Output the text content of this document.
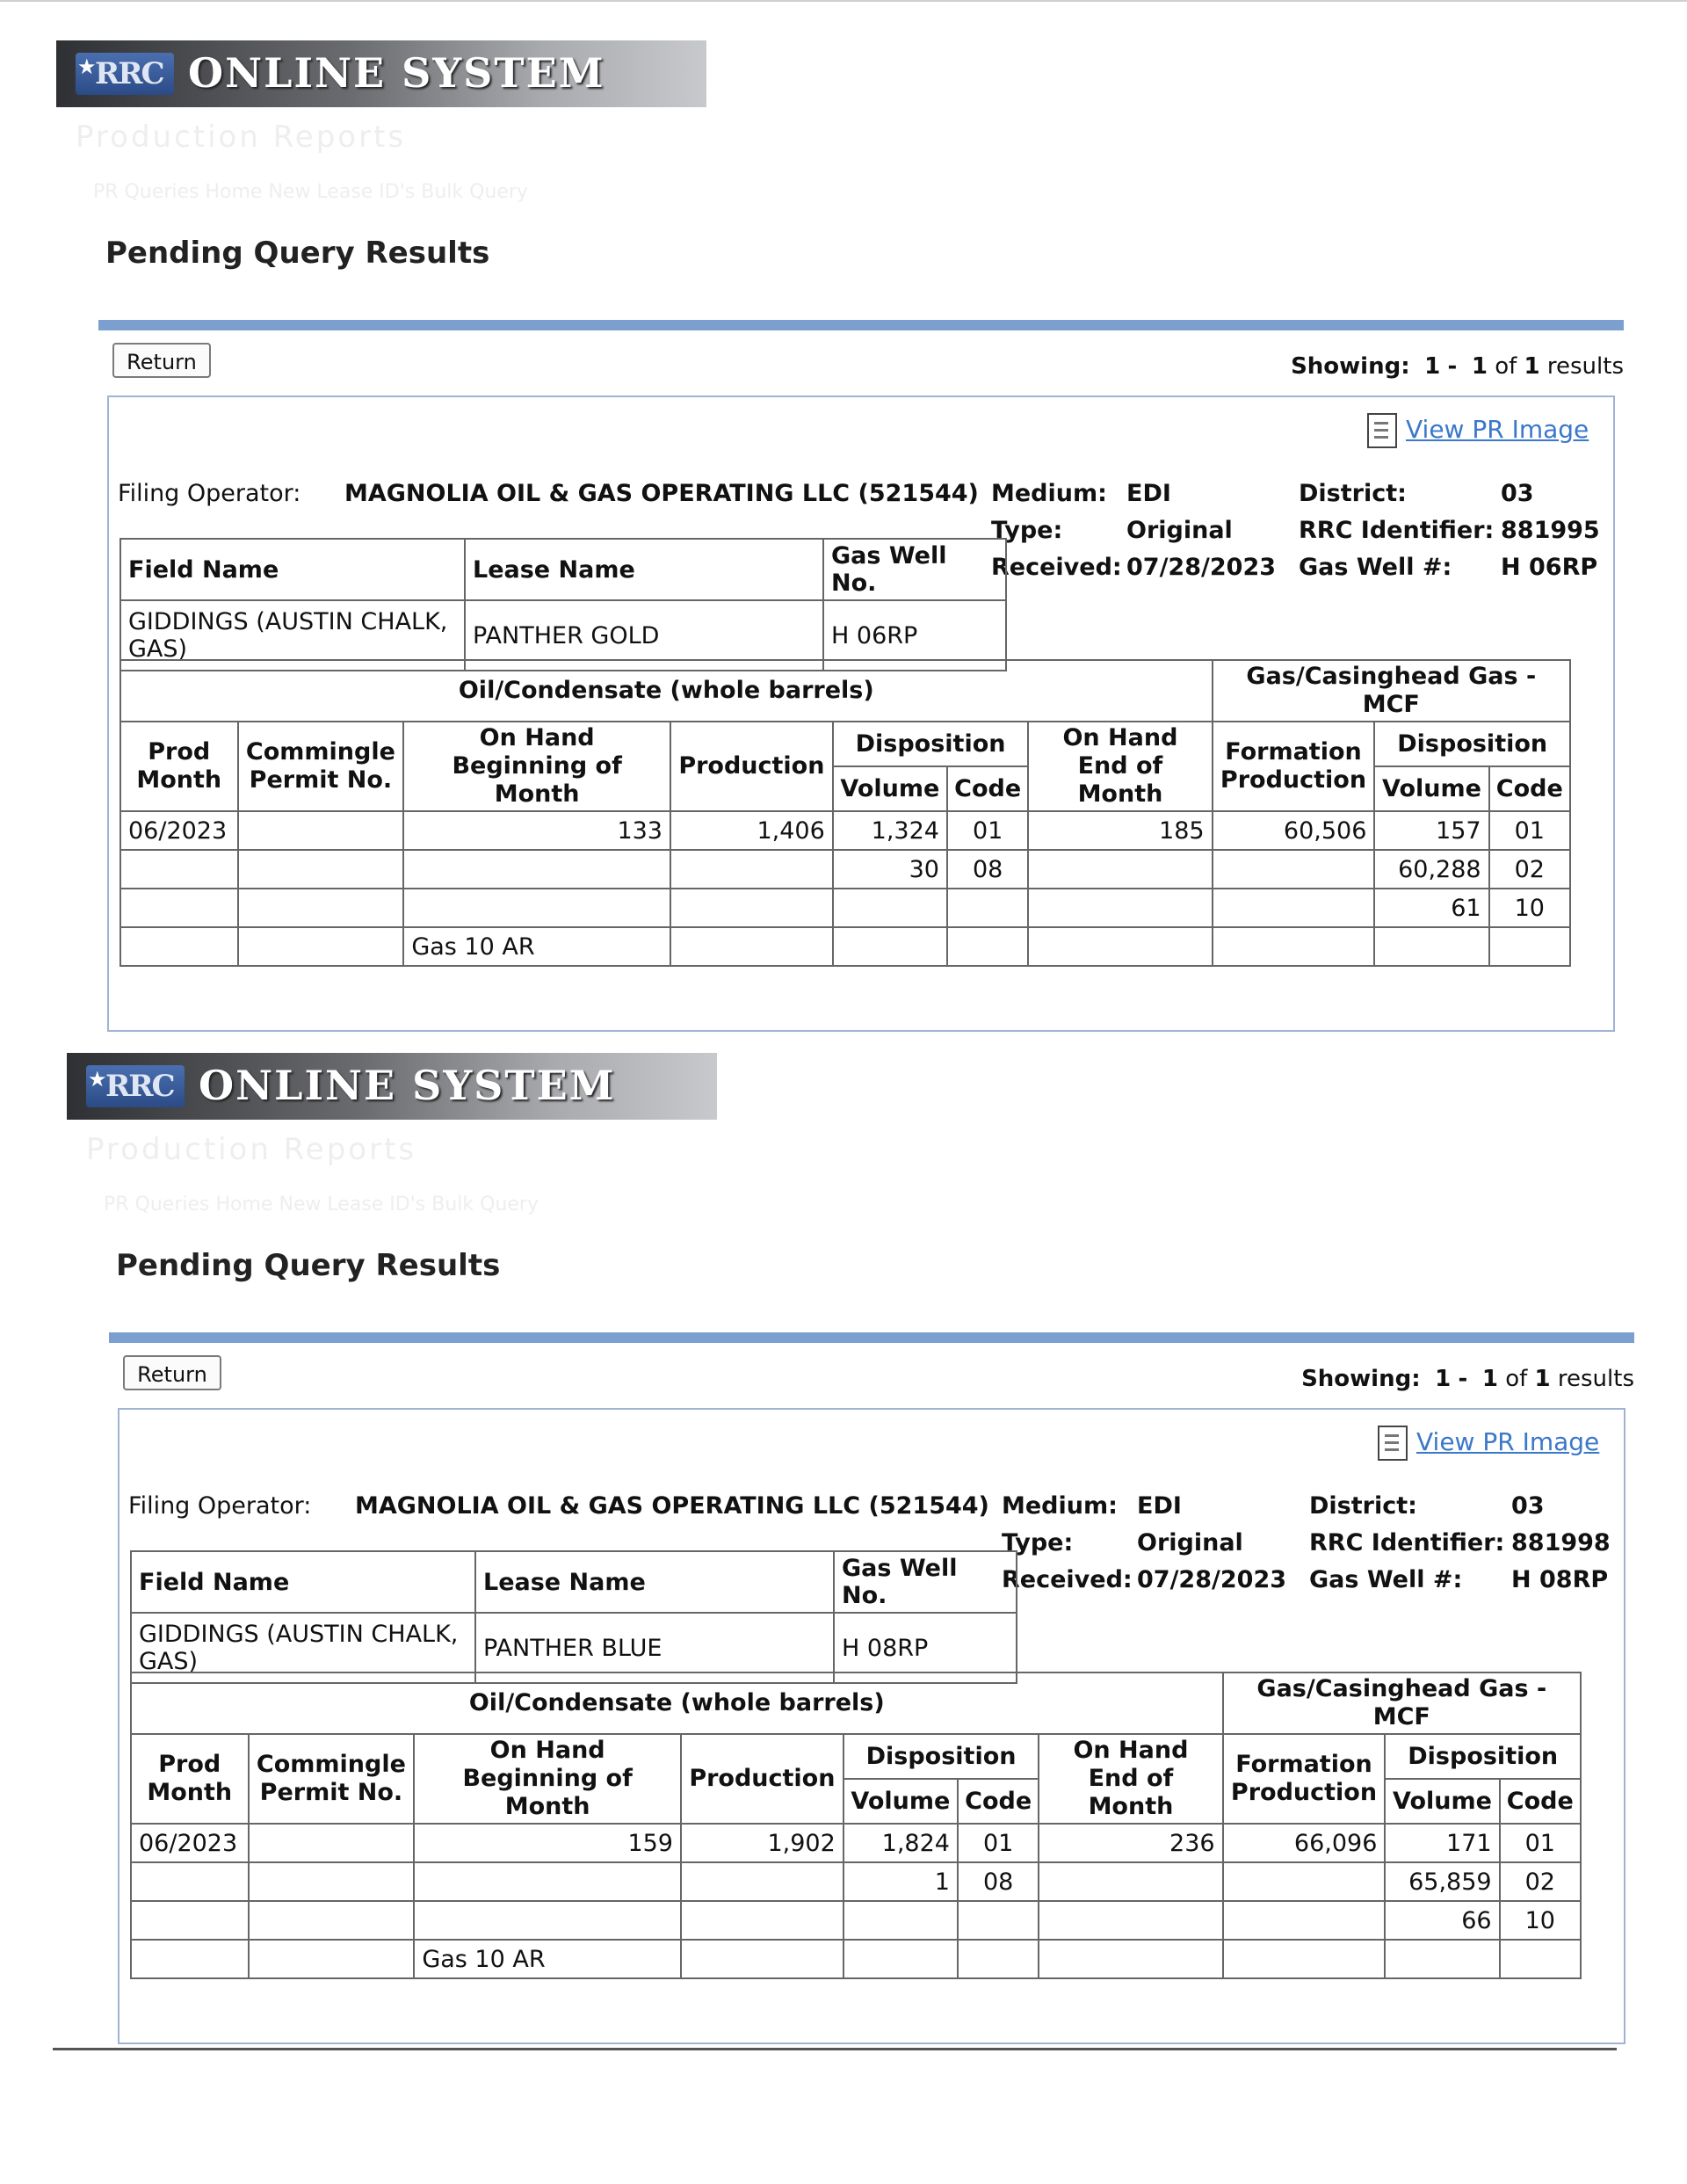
★
RRC ONLINE SYSTEM
Production Reports
PR Queries Home New Lease ID's Bulk Query
Pending Query Results
Return	Showing: 1 - 1 of 1 results
View PR Image
Filing Operator: MAGNOLIA OIL & GAS OPERATING LLC (521544) Medium: EDI	District:	03
Type:	Original	RRC Identifier: 881995
Received: 07/28/2023 Gas Well #: H 06RP
Field Name	Lease Name	Gas Well No.
GIDDINGS (AUSTIN CHALK, GAS)	PANTHER GOLD	H 06RP
Oil/Condensate (whole barrels)							Gas/Casinghead Gas - MCF		
Prod Month	Commingle Permit No.	On Hand Beginning of Month	Production	Disposition		On Hand End of Month	Formation Production	Disposition	
				Volume	Code			Volume	Code
06/2023		133	1,406	1,324	01	185	60,506	157	01
				30	08			60,288	02
								61	10
		Gas 10 AR							
★
RRC ONLINE SYSTEM
Production Reports
PR Queries Home New Lease ID's Bulk Query
Pending Query Results
Return	Showing: 1 - 1 of 1 results
View PR Image
Filing Operator: MAGNOLIA OIL & GAS OPERATING LLC (521544) Medium: EDI	District:	03
Type:	Original	RRC Identifier: 881998
Received: 07/28/2023 Gas Well #: H 08RP
Field Name	Lease Name	Gas Well No.
GIDDINGS (AUSTIN CHALK, GAS)	PANTHER BLUE	H 08RP
Oil/Condensate (whole barrels)							Gas/Casinghead Gas - MCF		
Prod Month	Commingle Permit No.	On Hand Beginning of Month	Production	Disposition		On Hand End of Month	Formation Production	Disposition	
				Volume	Code			Volume	Code
06/2023		159	1,902	1,824	01	236	66,096	171	01
				1	08			65,859	02
								66	10
		Gas 10 AR							
